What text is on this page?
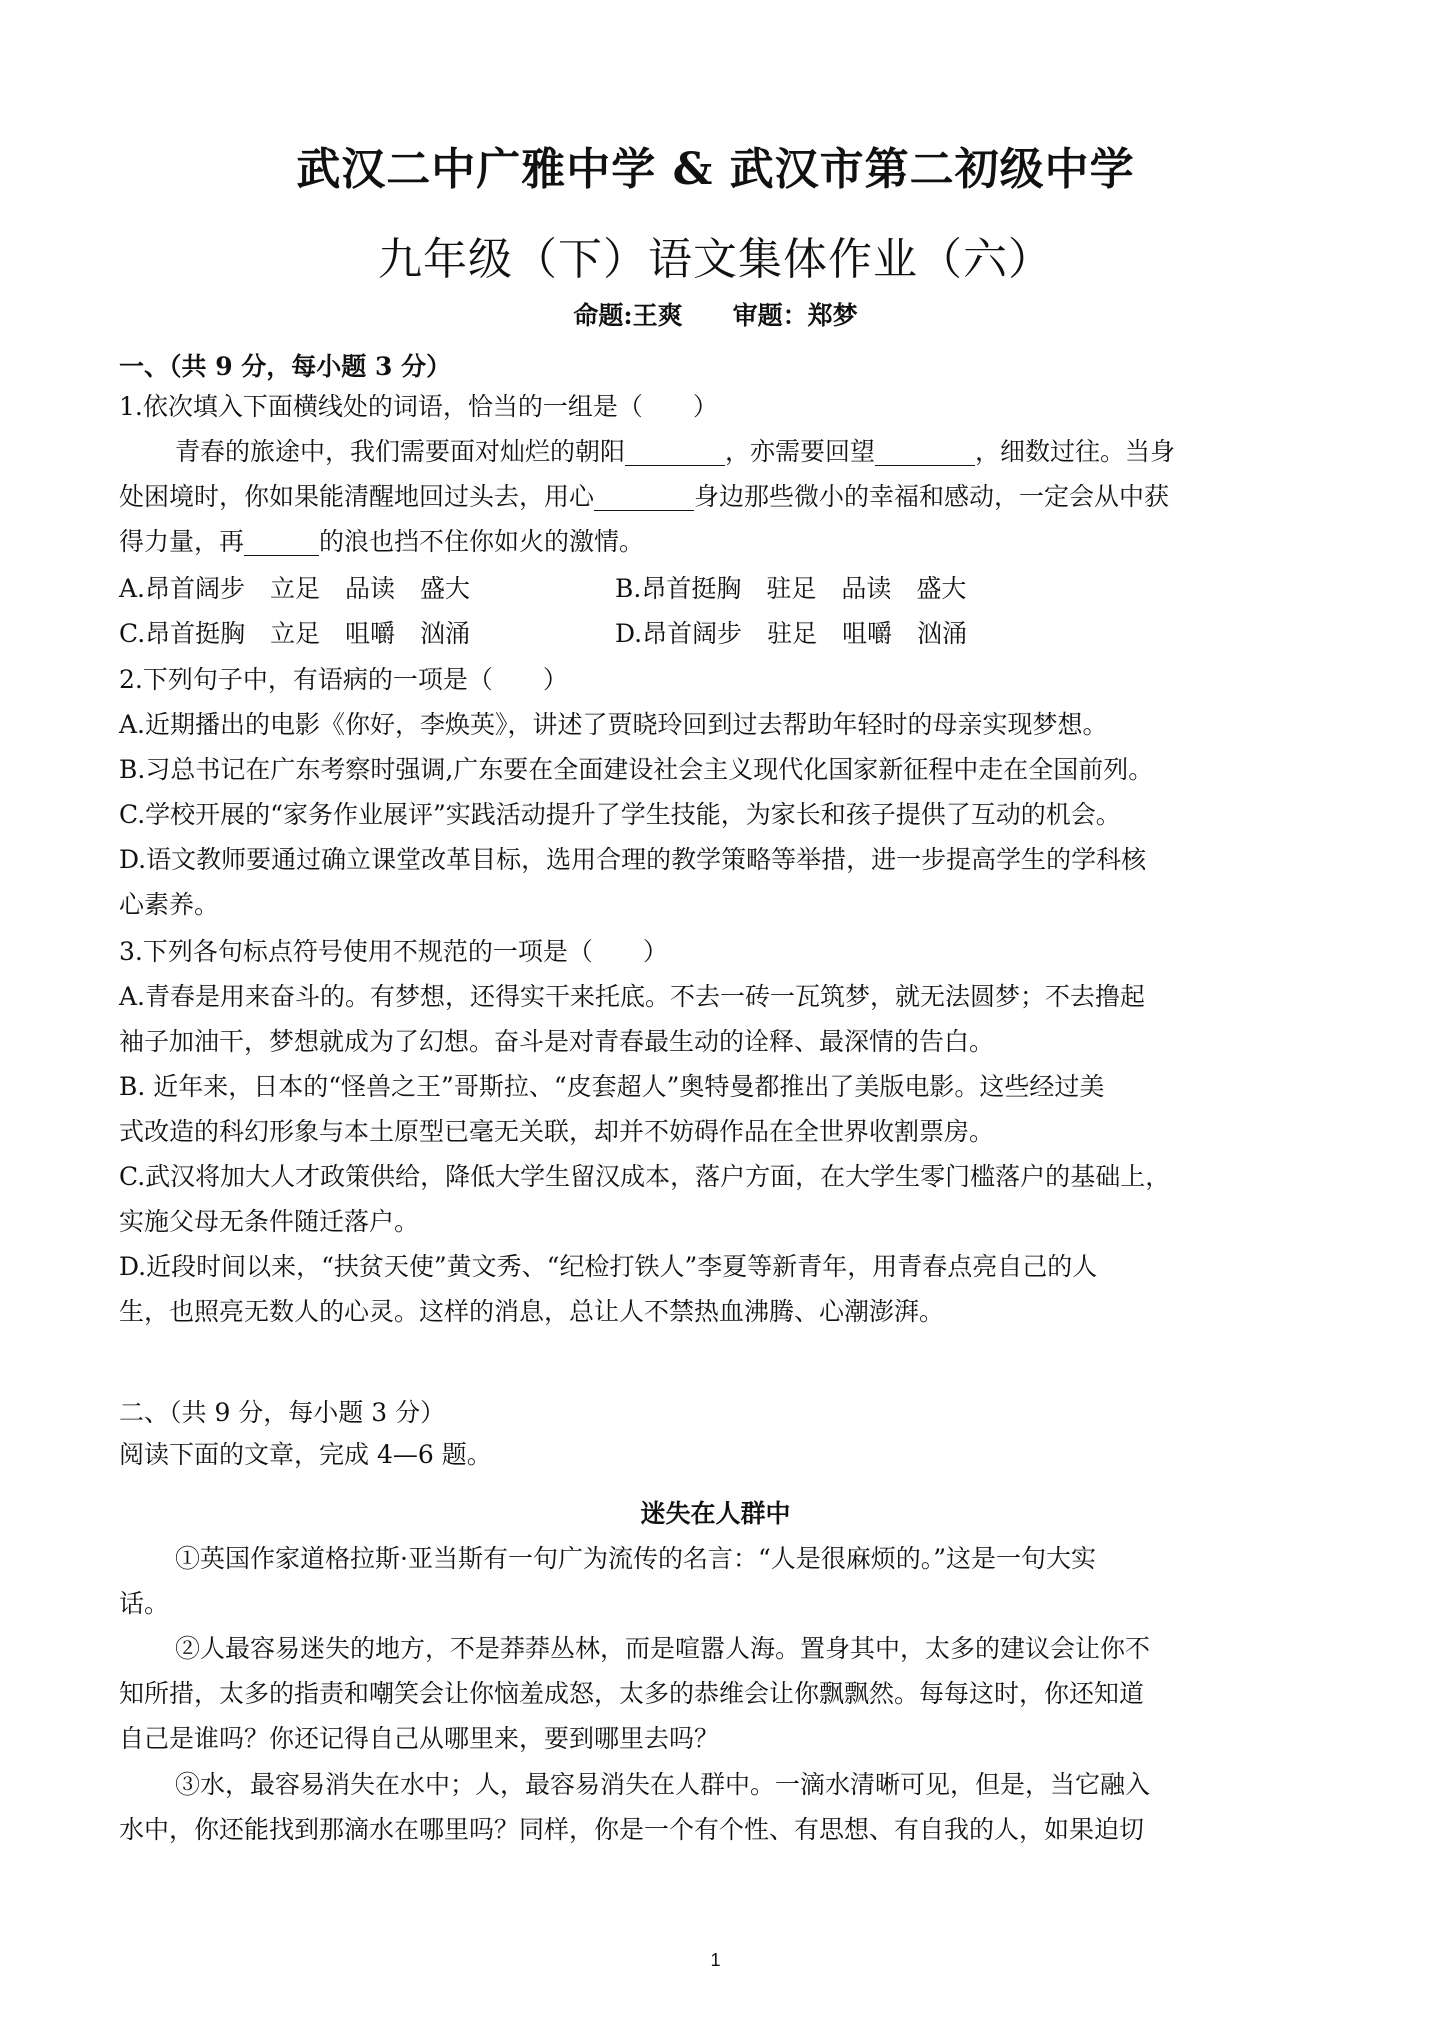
武汉二中广雅中学 & 武汉市第二初级中学
九年级（下）语文集体作业（六）
命题:王爽　　审题：郑梦
一、（共 9 分，每小题 3 分）
1.依次填入下面横线处的词语，恰当的一组是（　　）
青春的旅途中，我们需要面对灿烂的朝阳________，亦需要回望________，细数过往。当身
处困境时，你如果能清醒地回过头去，用心________身边那些微小的幸福和感动，一定会从中获
得力量，再______的浪也挡不住你如火的激情。
A.昂首阔步　立足　品读　盛大	B.昂首挺胸　驻足　品读　盛大
C.昂首挺胸　立足　咀嚼　汹涌	D.昂首阔步　驻足　咀嚼　汹涌
2.下列句子中，有语病的一项是（　　）
A.近期播出的电影《你好，李焕英》，讲述了贾晓玲回到过去帮助年轻时的母亲实现梦想。
B.习总书记在广东考察时强调,广东要在全面建设社会主义现代化国家新征程中走在全国前列。
C.学校开展的“家务作业展评”实践活动提升了学生技能，为家长和孩子提供了互动的机会。
D.语文教师要通过确立课堂改革目标，选用合理的教学策略等举措，进一步提高学生的学科核
心素养。
3.下列各句标点符号使用不规范的一项是（　　）
A.青春是用来奋斗的。有梦想，还得实干来托底。不去一砖一瓦筑梦，就无法圆梦；不去撸起
袖子加油干，梦想就成为了幻想。奋斗是对青春最生动的诠释、最深情的告白。
B. 近年来，日本的“怪兽之王”哥斯拉、“皮套超人”奥特曼都推出了美版电影。这些经过美
式改造的科幻形象与本土原型已毫无关联，却并不妨碍作品在全世界收割票房。
C.武汉将加大人才政策供给，降低大学生留汉成本，落户方面，在大学生零门槛落户的基础上，
实施父母无条件随迁落户。
D.近段时间以来，“扶贫天使”黄文秀、“纪检打铁人”李夏等新青年，用青春点亮自己的人
生，也照亮无数人的心灵。这样的消息，总让人不禁热血沸腾、心潮澎湃。
二、（共 9 分，每小题 3 分）
阅读下面的文章，完成 4—6 题。
迷失在人群中
①英国作家道格拉斯·亚当斯有一句广为流传的名言：“人是很麻烦的。”这是一句大实
话。
②人最容易迷失的地方，不是莽莽丛林，而是喧嚣人海。置身其中，太多的建议会让你不
知所措，太多的指责和嘲笑会让你恼羞成怒，太多的恭维会让你飘飘然。每每这时，你还知道
自己是谁吗？你还记得自己从哪里来，要到哪里去吗？
③水，最容易消失在水中；人，最容易消失在人群中。一滴水清晰可见，但是，当它融入
水中，你还能找到那滴水在哪里吗？同样，你是一个有个性、有思想、有自我的人，如果迫切
1
